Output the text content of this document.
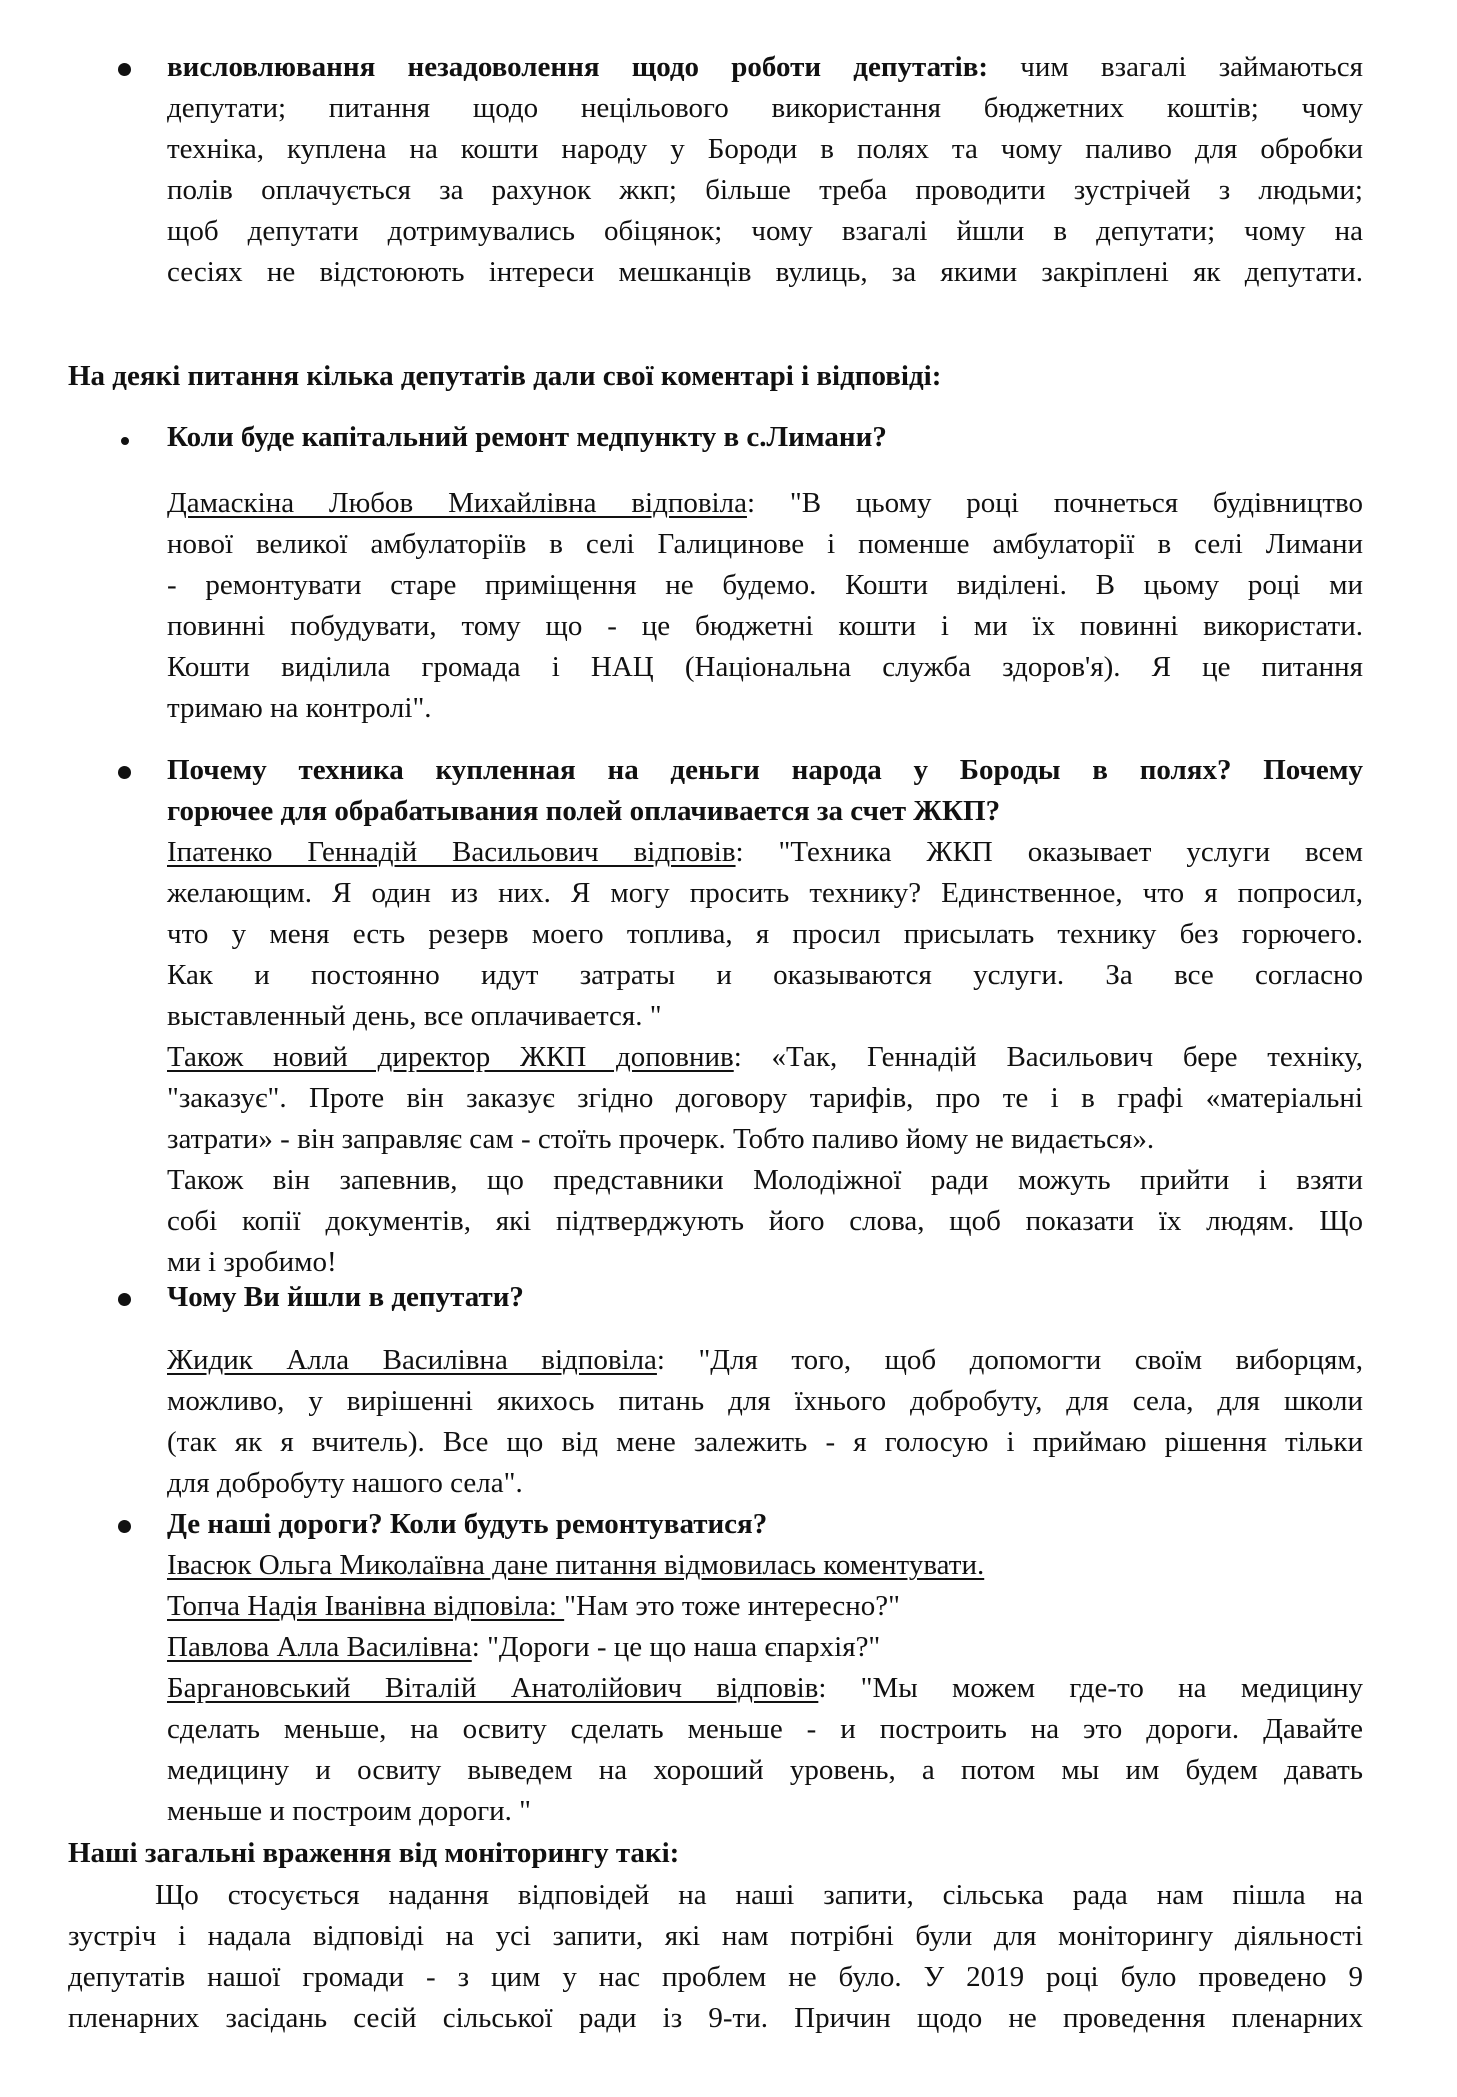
висловлювання незадоволення щодо роботи депутатів: чим взагалі займаються
депутати; питання щодо нецільового використання бюджетних коштів; чому
техніка, куплена на кошти народу у Бороди в полях та чому паливо для обробки
полів оплачується за рахунок жкп; більше треба проводити зустрічей з людьми;
щоб депутати дотримувались обіцянок; чому взагалі йшли в депутати; чому на
сесіях не відстоюють інтереси мешканців вулиць, за якими закріплені як депутати.
На деякі питання кілька депутатів дали свої коментарі і відповіді:
Коли буде капітальний ремонт медпункту в с.Лимани?
Дамаскіна Любов Михайлівна відповіла: "В цьому році почнеться будівництво
нової великої амбулаторіїв в селі Галицинове і поменше амбулаторії в селі Лимани
- ремонтувати старе приміщення не будемо. Кошти виділені. В цьому році ми
повинні побудувати, тому що - це бюджетні кошти і ми їх повинні використати.
Кошти виділила громада і НАЦ (Національна служба здоров'я). Я це питання
тримаю на контролі".
Почему техника купленная на деньги народа у Бороды в полях? Почему
горючее для обрабатывания полей оплачивается за счет ЖКП?
Іпатенко Геннадій Васильович відповів: "Техника ЖКП оказывает услуги всем
желающим. Я один из них. Я могу просить технику? Единственное, что я попросил,
что у меня есть резерв моего топлива, я просил присылать технику без горючего.
Как и постоянно идут затраты и оказываются услуги. За все согласно
выставленный день, все оплачивается. "
Також новий директор ЖКП доповнив: «Так, Геннадій Васильович бере техніку,
"заказує". Проте він заказує згідно договору тарифів, про те і в графі «матеріальні
затрати» - він заправляє сам - стоїть прочерк. Тобто паливо йому не видається».
Також він запевнив, що представники Молодіжної ради можуть прийти і взяти
собі копії документів, які підтверджують його слова, щоб показати їх людям. Що
ми і зробимо!
Чому Ви йшли в депутати?
Жидик Алла Василівна відповіла: "Для того, щоб допомогти своїм виборцям,
можливо, у вирішенні якихось питань для їхнього добробуту, для села, для школи
(так як я вчитель). Все що від мене залежить - я голосую і приймаю рішення тільки
для добробуту нашого села".
Де наші дороги? Коли будуть ремонтуватися?
Івасюк Ольга Миколаївна дане питання відмовилась коментувати.
Топча Надія Іванівна відповіла: "Нам это тоже интересно?"
Павлова Алла Василівна: "Дороги - це що наша єпархія?"
Баргановський Віталій Анатолійович відповів: "Мы можем где-то на медицину
сделать меньше, на освиту сделать меньше - и построить на это дороги. Давайте
медицину и освиту выведем на хороший уровень, а потом мы им будем давать
меньше и построим дороги. "
Наші загальні враження від моніторингу такі:
Що стосується надання відповідей на наші запити, сільська рада нам пішла на
зустріч і надала відповіді на усі запити, які нам потрібні були для моніторингу діяльності
депутатів нашої громади - з цим у нас проблем не було. У 2019 році було проведено 9
пленарних засідань сесій сільської ради із 9-ти. Причин щодо не проведення пленарних
